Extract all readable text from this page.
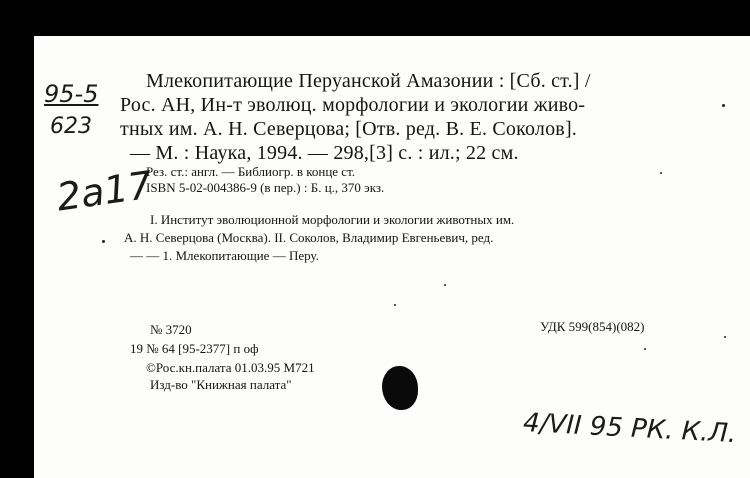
95-5
623
2a17
Млекопитающие Перуанской Амазонии : [Сб. ст.] /
Рос. АН, Ин-т эволюц. морфологии и экологии живо-
тных им. А. Н. Северцова; [Отв. ред. В. Е. Соколов].
— М. : Наука, 1994. — 298,[3] с. : ил.; 22 см.
Рез. ст.: англ. — Библиогр. в конце ст.
ISBN 5-02-004386-9 (в пер.) : Б. ц., 370 экз.
I. Институт эволюционной морфологии и экологии животных им.
А. Н. Северцова (Москва). II. Соколов, Владимир Евгеньевич, ред.
— — 1. Млекопитающие — Перу.
№ 3720	УДК 599(854)(082)
19 № 64 [95-2377] п оф
©Рос.кн.палата 01.03.95 М721
Изд-во "Книжная палата"
4/VII 95 РК. К.Л.
